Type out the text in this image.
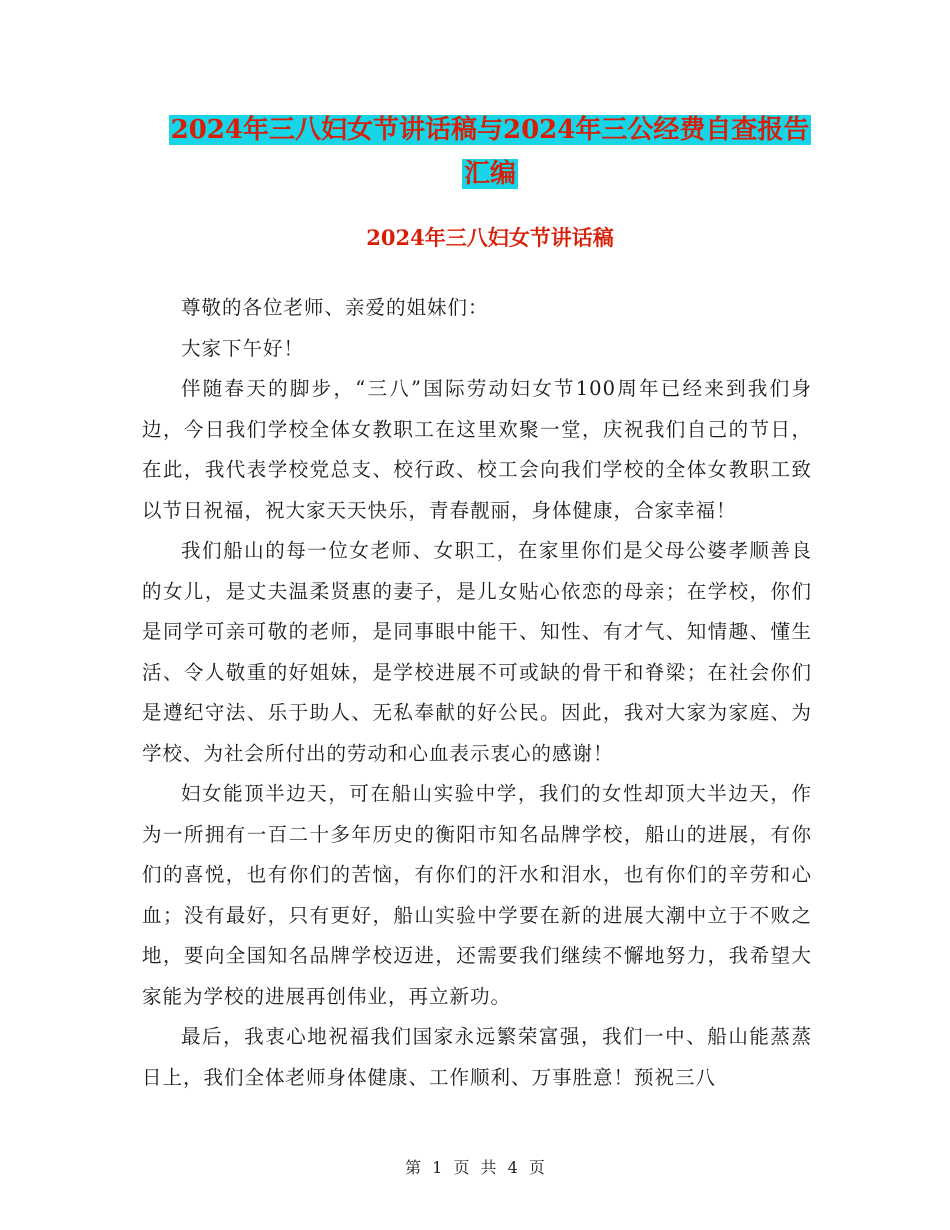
2024年三八妇女节讲话稿与2024年三公经费自查报告
汇编
2024年三八妇女节讲话稿

尊敬的各位老师、亲爱的姐妹们：

大家下午好！

伴随春天的脚步，“三八”国际劳动妇女节100周年已经来到我们身边，今日我们学校全体女教职工在这里欢聚一堂，庆祝我们自己的节日，在此，我代表学校党总支、校行政、校工会向我们学校的全体女教职工致以节日祝福，祝大家天天快乐，青春靓丽，身体健康，合家幸福！

我们船山的每一位女老师、女职工，在家里你们是父母公婆孝顺善良的女儿，是丈夫温柔贤惠的妻子，是儿女贴心依恋的母亲；在学校，你们是同学可亲可敬的老师，是同事眼中能干、知性、有才气、知情趣、懂生活、令人敬重的好姐妹，是学校进展不可或缺的骨干和脊梁；在社会你们是遵纪守法、乐于助人、无私奉献的好公民。因此，我对大家为家庭、为学校、为社会所付出的劳动和心血表示衷心的感谢！

妇女能顶半边天，可在船山实验中学，我们的女性却顶大半边天，作为一所拥有一百二十多年历史的衡阳市知名品牌学校，船山的进展，有你们的喜悦，也有你们的苦恼，有你们的汗水和泪水，也有你们的辛劳和心血；没有最好，只有更好，船山实验中学要在新的进展大潮中立于不败之地，要向全国知名品牌学校迈进，还需要我们继续不懈地努力，我希望大家能为学校的进展再创伟业，再立新功。

最后，我衷心地祝福我们国家永远繁荣富强，我们一中、船山能蒸蒸日上，我们全体老师身体健康、工作顺利、万事胜意！预祝三八

第 1 页 共 4 页
